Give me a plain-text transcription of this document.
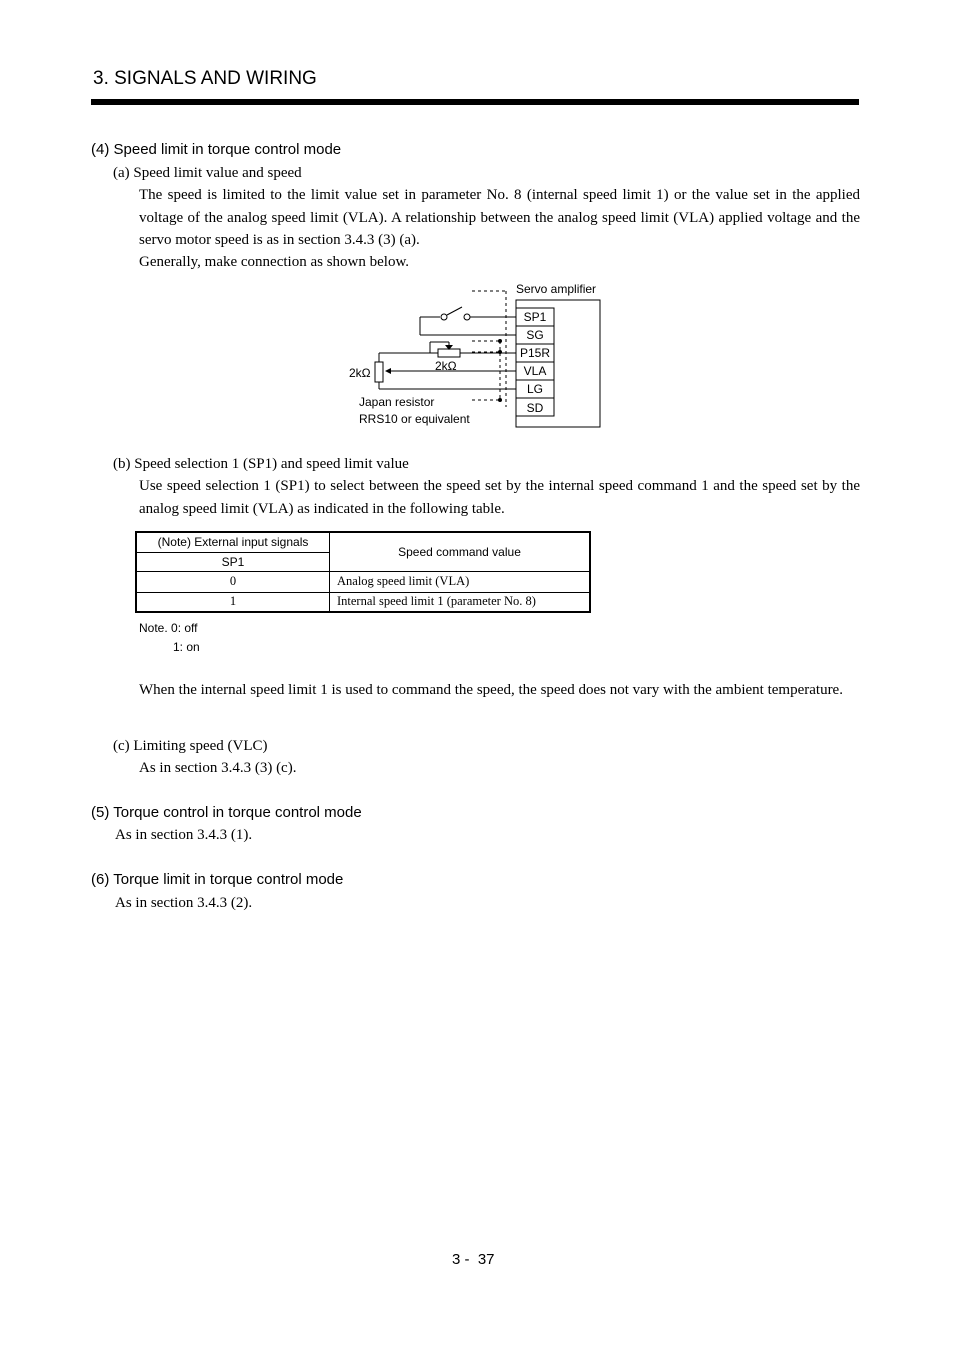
3. SIGNALS AND WIRING
(4) Speed limit in torque control mode
(a) Speed limit value and speed
The speed is limited to the limit value set in parameter No. 8 (internal speed limit 1) or the value set in the applied voltage of the analog speed limit (VLA). A relationship between the analog speed limit (VLA) applied voltage and the servo motor speed is as in section 3.4.3 (3) (a).
Generally, make connection as shown below.
Servo amplifier
SP1
SG
P15R
VLA
LG
SD
2kΩ	2kΩ
Japan resistor
RRS10 or equivalent
(b) Speed selection 1 (SP1) and speed limit value
Use speed selection 1 (SP1) to select between the speed set by the internal speed command 1 and the speed set by the analog speed limit (VLA) as indicated in the following table.
(Note) External input signals	Speed command value
SP1	
0	Analog speed limit (VLA)
1	Internal speed limit 1 (parameter No. 8)
Note. 0: off
1: on
When the internal speed limit 1 is used to command the speed, the speed does not vary with the ambient temperature.
(c) Limiting speed (VLC)
As in section 3.4.3 (3) (c).
(5) Torque control in torque control mode
As in section 3.4.3 (1).
(6) Torque limit in torque control mode
As in section 3.4.3 (2).
3 -  37
